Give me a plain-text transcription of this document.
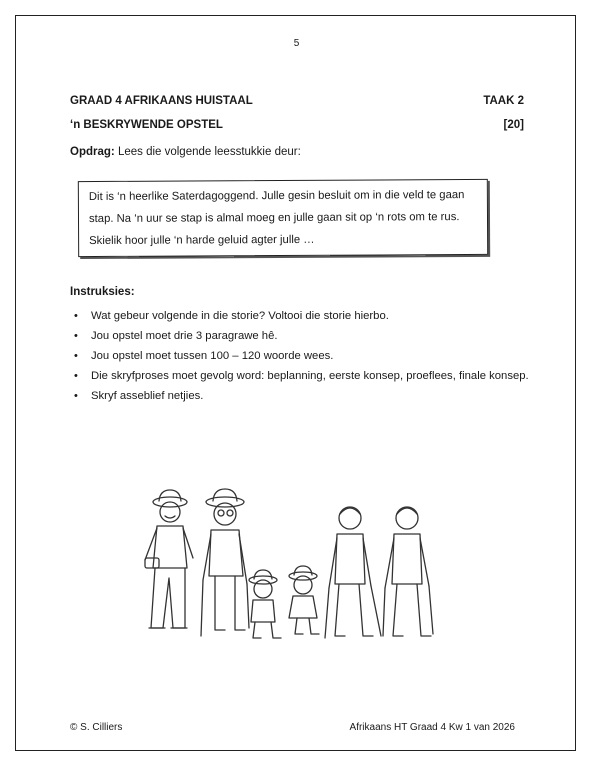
5
GRAAD 4 AFRIKAANS HUISTAAL	TAAK 2
‘n BESKRYWENDE OPSTEL	[20]
Opdrag: Lees die volgende leesstukkie deur:

Dit is ‘n heerlike Saterdagoggend. Julle gesin besluit om in die veld te gaan

stap. Na ‘n uur se stap is almal moeg en julle gaan sit op ‘n rots om te rus.

Skielik hoor julle ‘n harde geluid agter julle …

Instruksies:
• Wat gebeur volgende in die storie? Voltooi die storie hierbo.
• Jou opstel moet drie 3 paragrawe hê.
• Jou opstel moet tussen 100 – 120 woorde wees.
• Die skryfproses moet gevolg word: beplanning, eerste konsep, proeflees, finale konsep.
• Skryf asseblief netjies.
© S. Cilliers	Afrikaans HT Graad 4 Kw 1 van 2026
